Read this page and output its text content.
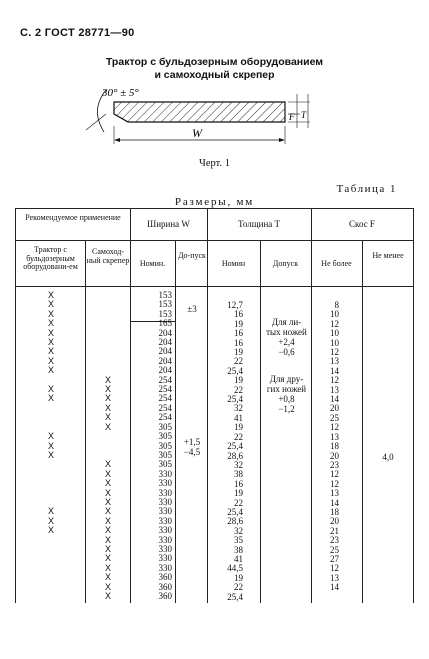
С. 2 ГОСТ 28771—90
Трактор с бульдозерным оборудованием
и самоходный скрепер
30° ± 5°
W
F T
Черт. 1
Таблица 1
Размеры, мм
Рекомендуемое применение
Трактор с бульдозерным оборудовани-ем
Самоход-ный скрепер
Ширина W
Номин.
До-пуск
Толщина T
Номин	Допуск
Скос F
Не более
Не менее
X
X
X
X
X
X
X
X
X

X
X

X
X
X

X
X
X

X
X
X
X
X
X

X
X
X
X
X
X
X
X
X
X
X
X
X
X
X
153
153
153
165
204
204
204
204
204
254
254
254
254
254
305
305
305
305
305
330
330
330
330
330
330
330
330
330
330
330
360
360
360
12,7
16
19
16
16
19
22
25,4
19
22
25,4
32
41
19
22
25,4
28,6
32
38
16
19
22
25,4
28,6
32
35
38
41
44,5
19
22
25,4
8
10
12
10
10
12
13
14
12
13
14
20
25
12
13
18
20
23
12
12
13
14
18
20
21
23
25
27
12
13
14
±3
+1,5
−4,5
Для ли-
тых ножей
+2,4
−0,6
Для дру-
гих ножей
+0,8
−1,2
4,0
